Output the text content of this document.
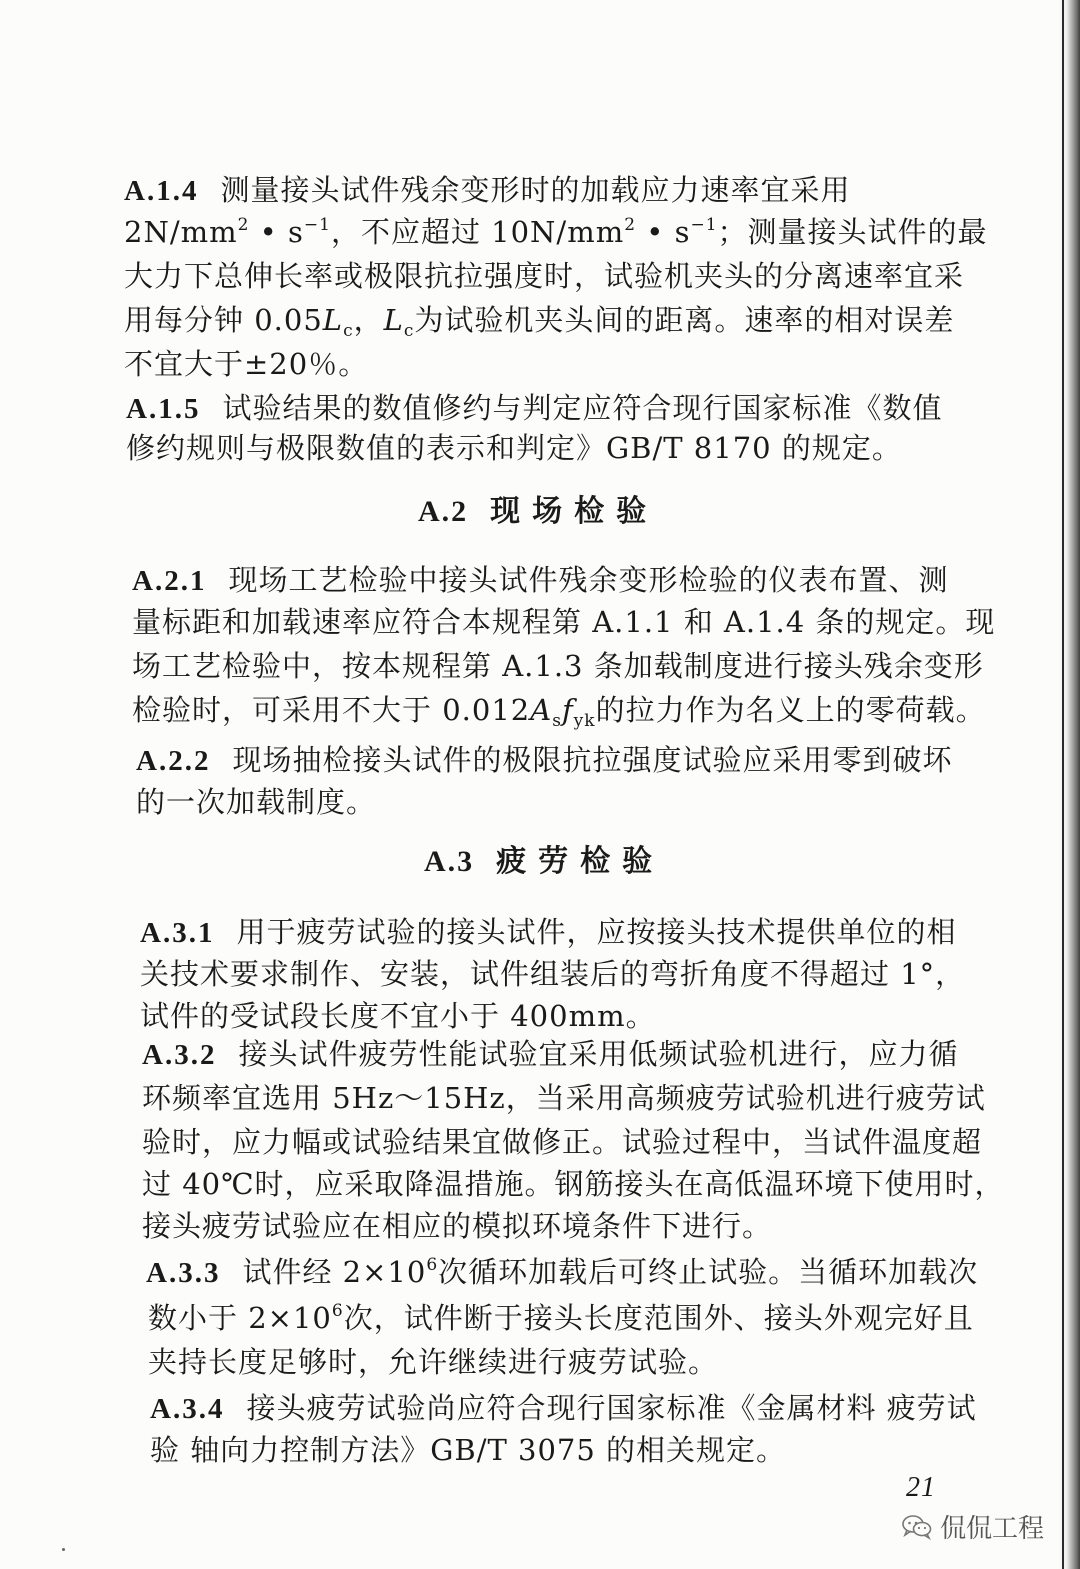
A.1.4 测量接头试件残余变形时的加载应力速率宜采用
$2N/mm^2$ • $s^{-1}$，不应超过 $10N/mm^2$ • $s^{-1}$；测量接头试件的最
大力下总伸长率或极限抗拉强度时，试验机夹头的分离速率宜采
用每分钟 $0.05L_c$，$L_c$为试验机夹头间的距离。速率的相对误差
不宜大于±20％。
A.1.5 试验结果的数值修约与判定应符合现行国家标准《数值
修约规则与极限数值的表示和判定》GB/T 8170 的规定。
A.2 现场检验
A.2.1 现场工艺检验中接头试件残余变形检验的仪表布置、测
量标距和加载速率应符合本规程第 A.1.1 和 A.1.4 条的规定。现
场工艺检验中，按本规程第 A.1.3 条加载制度进行接头残余变形
检验时，可采用不大于 $0.012A_sf_{yk}$的拉力作为名义上的零荷载。
A.2.2 现场抽检接头试件的极限抗拉强度试验应采用零到破坏
的一次加载制度。
A.3 疲劳检验
A.3.1 用于疲劳试验的接头试件，应按接头技术提供单位的相
关技术要求制作、安装，试件组装后的弯折角度不得超过 1°，
试件的受试段长度不宜小于 400mm。
A.3.2 接头试件疲劳性能试验宜采用低频试验机进行，应力循
环频率宜选用 5Hz～15Hz，当采用高频疲劳试验机进行疲劳试
验时，应力幅或试验结果宜做修正。试验过程中，当试件温度超
过 40℃时，应采取降温措施。钢筋接头在高低温环境下使用时，
接头疲劳试验应在相应的模拟环境条件下进行。
A.3.3 试件经 $2\times 10^6$次循环加载后可终止试验。当循环加载次
数小于 $2\times 10^6$次，试件断于接头长度范围外、接头外观完好且
夹持长度足够时，允许继续进行疲劳试验。
A.3.4 接头疲劳试验尚应符合现行国家标准《金属材料 疲劳试
验 轴向力控制方法》GB/T 3075 的相关规定。
21
侃侃工程
